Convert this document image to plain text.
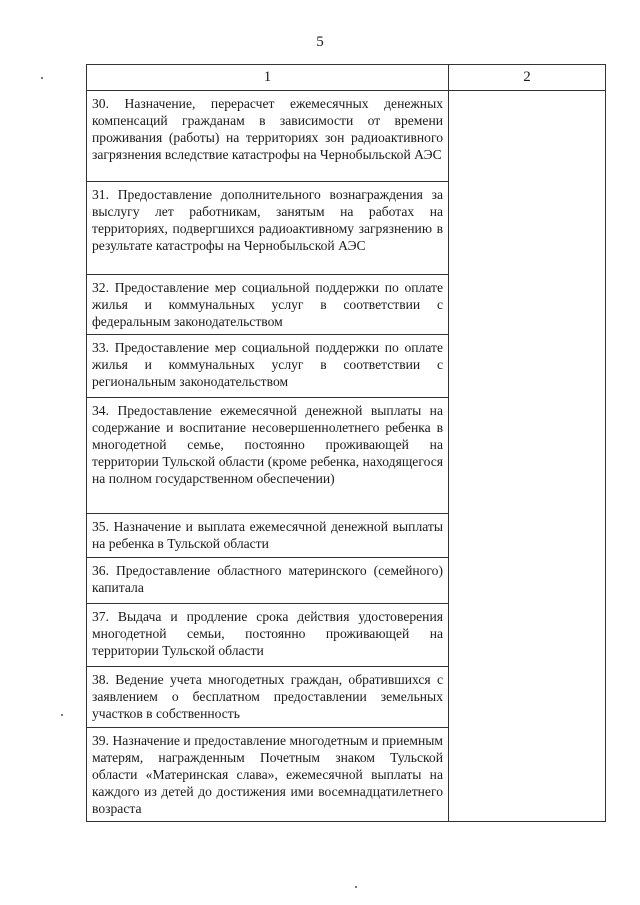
5
1	2

30. Назначение, перерасчет ежемесячных денежных компенсаций гражданам в зависимости от времени проживания (работы) на территориях зон радиоактивного загрязнения вследствие катастрофы на Чернобыльской АЭС	

31. Предоставление дополнительного вознаграждения за выслугу лет работникам, занятым на работах на территориях, подвергшихся радиоактивному загрязнению в результате катастрофы на Чернобыльской АЭС	

32. Предоставление мер социальной поддержки по оплате жилья и коммунальных услуг в соответствии с федеральным законодательством	

33. Предоставление мер социальной поддержки по оплате жилья и коммунальных услуг в соответствии с региональным законодательством	

34. Предоставление ежемесячной денежной выплаты на содержание и воспитание несовершеннолетнего ребенка в многодетной семье, постоянно проживающей на территории Тульской области (кроме ребенка, находящегося на полном государственном обеспечении)	

35. Назначение и выплата ежемесячной денежной выплаты на ребенка в Тульской области	

36. Предоставление областного материнского (семейного) капитала	

37. Выдача и продление срока действия удостоверения многодетной семьи, постоянно проживающей на территории Тульской области	

38. Ведение учета многодетных граждан, обратившихся с заявлением о бесплатном предоставлении земельных участков в собственность	

39. Назначение и предоставление многодетным и приемным матерям, награжденным Почетным знаком Тульской области «Материнская слава», ежемесячной выплаты на каждого из детей до достижения ими восемнадцатилетнего возраста	
